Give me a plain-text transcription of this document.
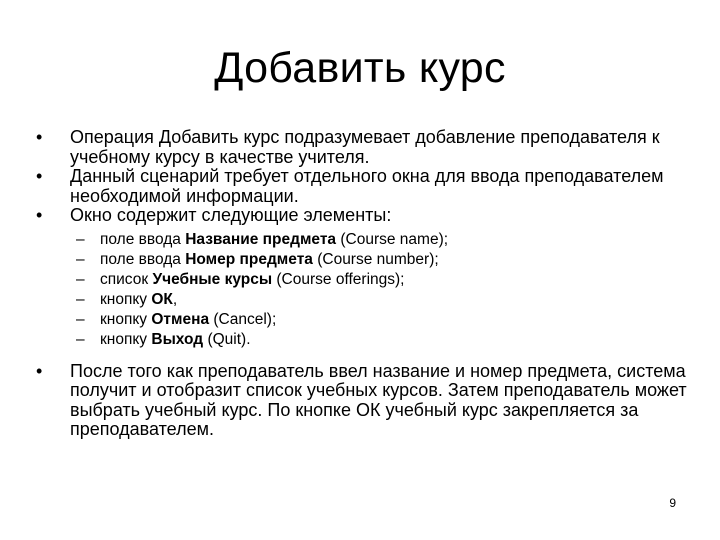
Добавить курс
•	Операция Добавить курс подразумевает добавление преподавателя к учебному курсу в качестве учителя.
•	Данный сценарий требует отдельного окна для ввода преподавателем необходимой информации.
•	Окно содержит следующие элементы:
– поле ввода Название предмета (Course name);
– поле ввода Номер предмета (Course number);
– список Учебные курсы (Course offerings);
– кнопку ОК,
– кнопку Отмена (Cancel);
– кнопку Выход (Quit).
•	После того как преподаватель ввел название и номер предмета, система получит и отобразит список учебных курсов. Затем преподаватель может выбрать учебный курс. По кнопке ОК учебный курс закрепляется за преподавателем.
9
